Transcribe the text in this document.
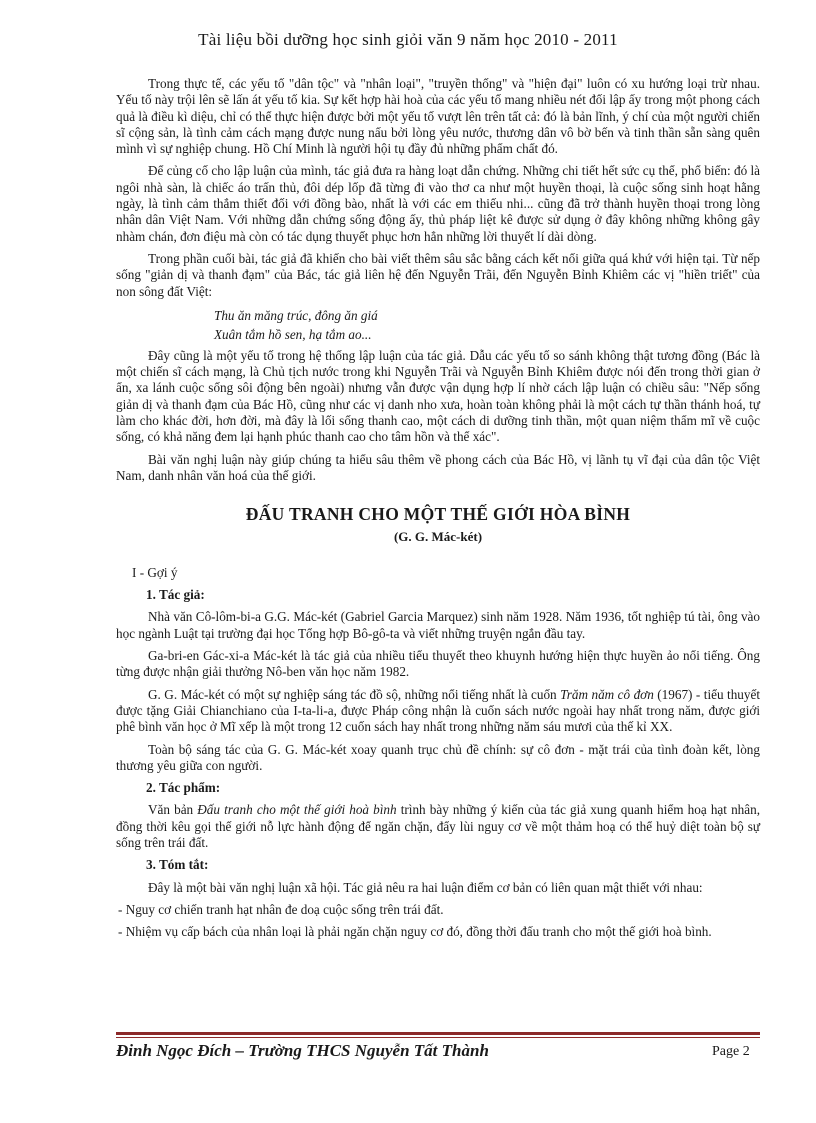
Tài liệu bồi dưỡng học sinh giỏi văn 9 năm học 2010 - 2011

Trong thực tế, các yếu tố "dân tộc" và "nhân loại", "truyền thống" và "hiện đại" luôn có xu hướng loại trừ nhau. Yếu tố này trội lên sẽ lấn át yếu tố kia. Sự kết hợp hài hoà của các yếu tố mang nhiều nét đối lập ấy trong một phong cách quả là điều kì diệu, chỉ có thể thực hiện được bởi một yếu tố vượt lên trên tất cả: đó là bản lĩnh, ý chí của một người chiến sĩ cộng sản, là tình cảm cách mạng được nung nấu bởi lòng yêu nước, thương dân vô bờ bến và tinh thần sẵn sàng quên mình vì sự nghiệp chung. Hồ Chí Minh là người hội tụ đầy đủ những phẩm chất đó.

Để củng cố cho lập luận của mình, tác giả đưa ra hàng loạt dẫn chứng. Những chi tiết hết sức cụ thể, phổ biến: đó là ngôi nhà sàn, là chiếc áo trấn thủ, đôi dép lốp đã từng đi vào thơ ca như một huyền thoại, là cuộc sống sinh hoạt hằng ngày, là tình cảm thắm thiết đối với đồng bào, nhất là với các em thiếu nhi... cũng đã trở thành huyền thoại trong lòng nhân dân Việt Nam. Với những dẫn chứng sống động ấy, thủ pháp liệt kê được sử dụng ở đây không những không gây nhàm chán, đơn điệu mà còn có tác dụng thuyết phục hơn hẳn những lời thuyết lí dài dòng.

Trong phần cuối bài, tác giả đã khiến cho bài viết thêm sâu sắc bằng cách kết nối giữa quá khứ với hiện tại. Từ nếp sống "giản dị và thanh đạm" của Bác, tác giả liên hệ đến Nguyễn Trãi, đến Nguyễn Bỉnh Khiêm các vị "hiền triết" của non sông đất Việt:

Thu ăn măng trúc, đông ăn giá
Xuân tắm hồ sen, hạ tắm ao...

Đây cũng là một yếu tố trong hệ thống lập luận của tác giả. Dẫu các yếu tố so sánh không thật tương đồng (Bác là một chiến sĩ cách mạng, là Chủ tịch nước trong khi Nguyễn Trãi và Nguyễn Bỉnh Khiêm được nói đến trong thời gian ở ẩn, xa lánh cuộc sống sôi động bên ngoài) nhưng vẫn được vận dụng hợp lí nhờ cách lập luận có chiều sâu: "Nếp sống giản dị và thanh đạm của Bác Hồ, cũng như các vị danh nho xưa, hoàn toàn không phải là một cách tự thần thánh hoá, tự làm cho khác đời, hơn đời, mà đây là lối sống thanh cao, một cách di dưỡng tinh thần, một quan niệm thẩm mĩ về cuộc sống, có khả năng đem lại hạnh phúc thanh cao cho tâm hồn và thể xác".

Bài văn nghị luận này giúp chúng ta hiểu sâu thêm về phong cách của Bác Hồ, vị lãnh tụ vĩ đại của dân tộc Việt Nam, danh nhân văn hoá của thế giới.

ĐẤU TRANH CHO MỘT THẾ GIỚI HÒA BÌNH
(G. G. Mác-két)
I - Gợi ý
1. Tác giả:

Nhà văn Cô-lôm-bi-a G.G. Mác-két (Gabriel Garcia Marquez) sinh năm 1928. Năm 1936, tốt nghiệp tú tài, ông vào học ngành Luật tại trường đại học Tổng hợp Bô-gô-ta và viết những truyện ngắn đầu tay.

Ga-bri-en Gác-xi-a Mác-két là tác giả của nhiều tiểu thuyết theo khuynh hướng hiện thực huyền ảo nổi tiếng. Ông từng được nhận giải thưởng Nô-ben văn học năm 1982.

G. G. Mác-két có một sự nghiệp sáng tác đồ sộ, những nổi tiếng nhất là cuốn Trăm năm cô đơn (1967) - tiểu thuyết được tặng Giải Chianchiano của I-ta-li-a, được Pháp công nhận là cuốn sách nước ngoài hay nhất trong năm, được giới phê bình văn học ở Mĩ xếp là một trong 12 cuốn sách hay nhất trong những năm sáu mươi của thế kỉ XX.

Toàn bộ sáng tác của G. G. Mác-két xoay quanh trục chủ đề chính: sự cô đơn - mặt trái của tình đoàn kết, lòng thương yêu giữa con người.

2. Tác phẩm:

Văn bản Đấu tranh cho một thế giới hoà bình trình bày những ý kiến của tác giả xung quanh hiểm hoạ hạt nhân, đồng thời kêu gọi thế giới nỗ lực hành động để ngăn chặn, đẩy lùi nguy cơ về một thảm hoạ có thể huỷ diệt toàn bộ sự sống trên trái đất.

3. Tóm tắt:

Đây là một bài văn nghị luận xã hội. Tác giả nêu ra hai luận điểm cơ bản có liên quan mật thiết với nhau:

- Nguy cơ chiến tranh hạt nhân đe doạ cuộc sống trên trái đất.

- Nhiệm vụ cấp bách của nhân loại là phải ngăn chặn nguy cơ đó, đồng thời đấu tranh cho một thế giới hoà bình.

Đinh Ngọc Đích – Trường THCS Nguyễn Tất Thành	Page 2
